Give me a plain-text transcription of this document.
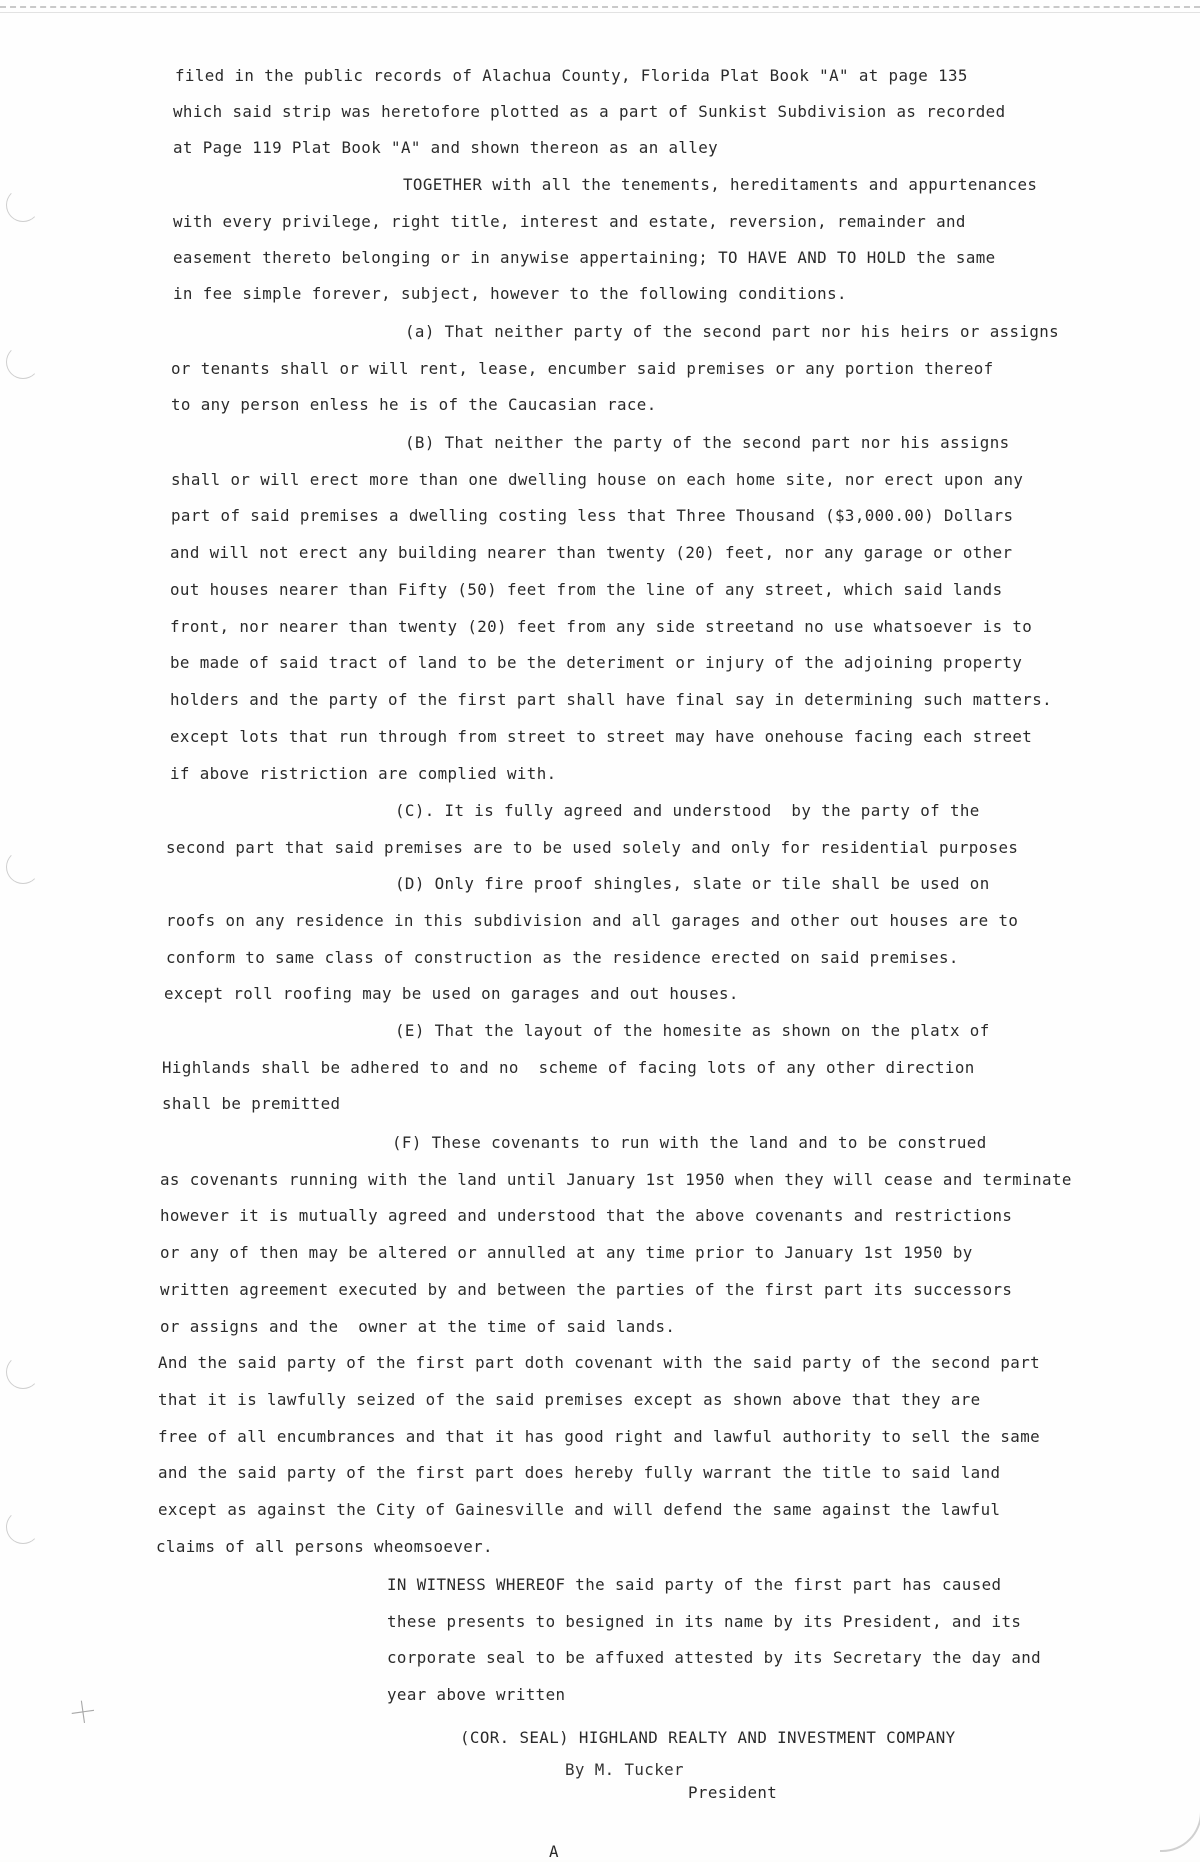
🞡
filed in the public records of Alachua County, Florida Plat Book "A" at page 135
which said strip was heretofore plotted as a part of Sunkist Subdivision as recorded
at Page 119 Plat Book "A" and shown thereon as an alley
TOGETHER with all the tenements, hereditaments and appurtenances
with every privilege, right title, interest and estate, reversion, remainder and
easement thereto belonging or in anywise appertaining; TO HAVE AND TO HOLD the same
in fee simple forever, subject, however to the following conditions.
(a) That neither party of the second part nor his heirs or assigns
or tenants shall or will rent, lease, encumber said premises or any portion thereof
to any person enless he is of the Caucasian race.
(B) That neither the party of the second part nor his assigns
shall or will erect more than one dwelling house on each home site, nor erect upon any
part of said premises a dwelling costing less that Three Thousand ($3,000.00) Dollars
and will not erect any building nearer than twenty (20) feet, nor any garage or other
out houses nearer than Fifty (50) feet from the line of any street, which said lands
front, nor nearer than twenty (20) feet from any side streetand no use whatsoever is to
be made of said tract of land to be the deteriment or injury of the adjoining property
holders and the party of the first part shall have final say in determining such matters.
except lots that run through from street to street may have onehouse facing each street
if above ristriction are complied with.
(C). It is fully agreed and understood  by the party of the
second part that said premises are to be used solely and only for residential purposes
(D) Only fire proof shingles, slate or tile shall be used on
roofs on any residence in this subdivision and all garages and other out houses are to
conform to same class of construction as the residence erected on said premises.
except roll roofing may be used on garages and out houses.
(E) That the layout of the homesite as shown on the platx of
Highlands shall be adhered to and no  scheme of facing lots of any other direction
shall be premitted
(F) These covenants to run with the land and to be construed
as covenants running with the land until January 1st 1950 when they will cease and terminate
however it is mutually agreed and understood that the above covenants and restrictions
or any of then may be altered or annulled at any time prior to January 1st 1950 by
written agreement executed by and between the parties of the first part its successors
or assigns and the  owner at the time of said lands.
And the said party of the first part doth covenant with the said party of the second part
that it is lawfully seized of the said premises except as shown above that they are
free of all encumbrances and that it has good right and lawful authority to sell the same
and the said party of the first part does hereby fully warrant the title to said land
except as against the City of Gainesville and will defend the same against the lawful
claims of all persons wheomsoever.
IN WITNESS WHEREOF the said party of the first part has caused
these presents to besigned in its name by its President, and its
corporate seal to be affuxed attested by its Secretary the day and
year above written
(COR. SEAL) HIGHLAND REALTY AND INVESTMENT COMPANY
By M. Tucker
President
A
